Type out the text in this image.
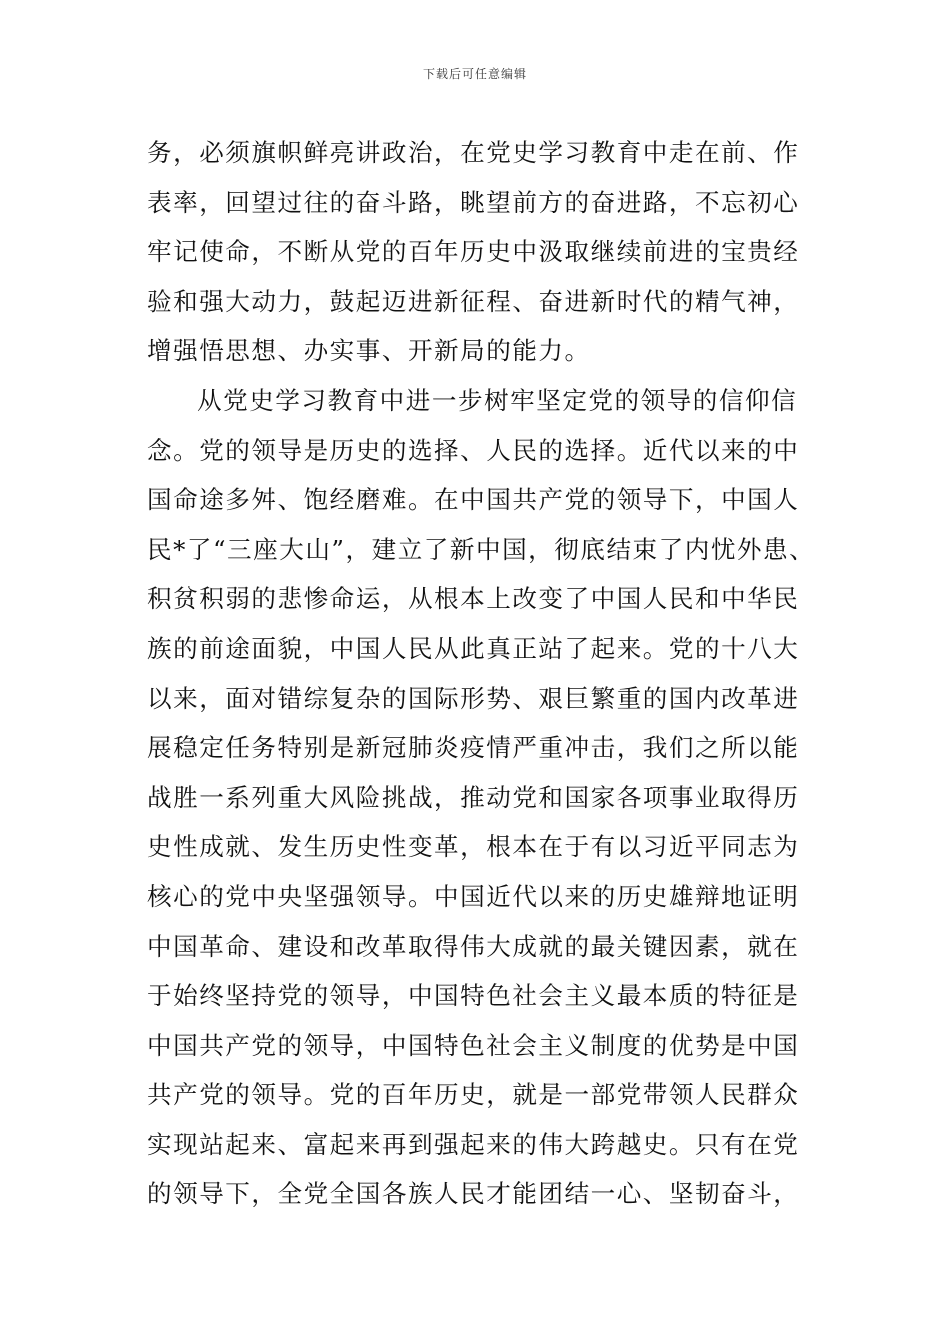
下载后可任意编辑
务，必须旗帜鲜亮讲政治，在党史学习教育中走在前、作
表率，回望过往的奋斗路，眺望前方的奋进路，不忘初心
牢记使命，不断从党的百年历史中汲取继续前进的宝贵经
验和强大动力，鼓起迈进新征程、奋进新时代的精气神，
增强悟思想、办实事、开新局的能力。
从党史学习教育中进一步树牢坚定党的领导的信仰信
念。党的领导是历史的选择、人民的选择。近代以来的中
国命途多舛、饱经磨难。在中国共产党的领导下，中国人
民*了“三座大山”，建立了新中国，彻底结束了内忧外患、
积贫积弱的悲惨命运，从根本上改变了中国人民和中华民
族的前途面貌，中国人民从此真正站了起来。党的十八大
以来，面对错综复杂的国际形势、艰巨繁重的国内改革进
展稳定任务特别是新冠肺炎疫情严重冲击，我们之所以能
战胜一系列重大风险挑战，推动党和国家各项事业取得历
史性成就、发生历史性变革，根本在于有以习近平同志为
核心的党中央坚强领导。中国近代以来的历史雄辩地证明
中国革命、建设和改革取得伟大成就的最关键因素，就在
于始终坚持党的领导，中国特色社会主义最本质的特征是
中国共产党的领导，中国特色社会主义制度的优势是中国
共产党的领导。党的百年历史，就是一部党带领人民群众
实现站起来、富起来再到强起来的伟大跨越史。只有在党
的领导下，全党全国各族人民才能团结一心、坚韧奋斗，
